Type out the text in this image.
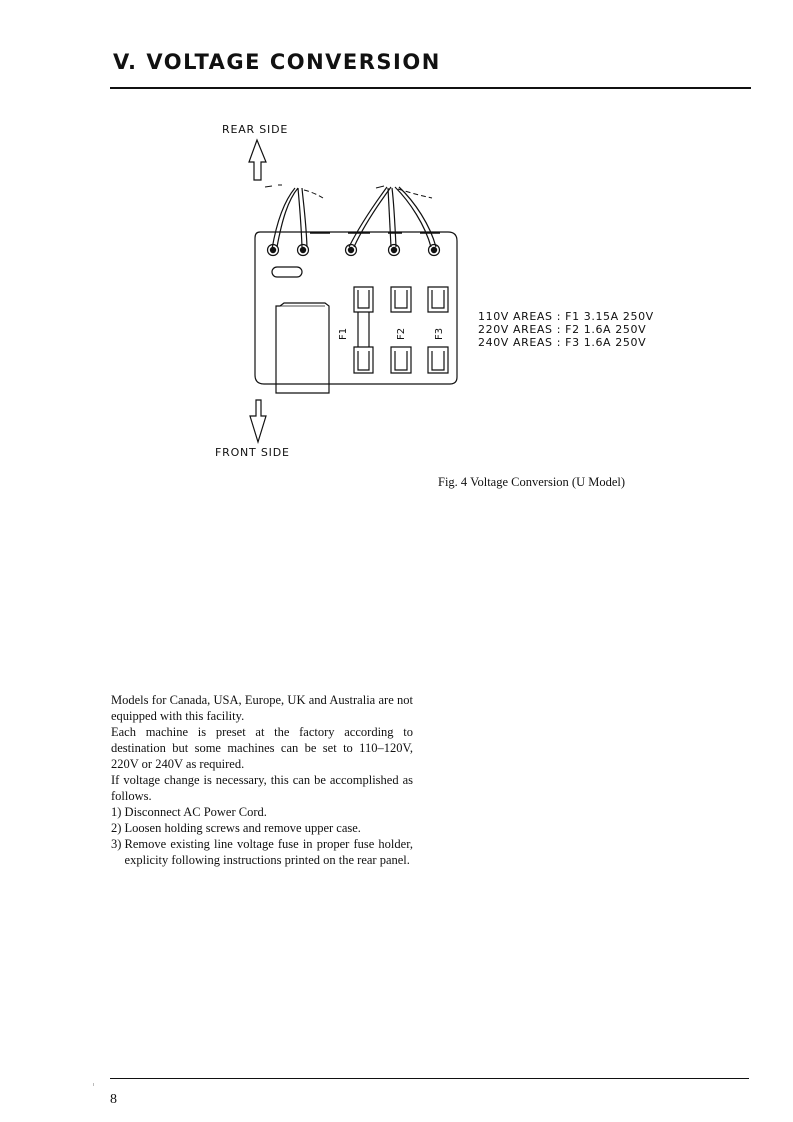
V. VOLTAGE CONVERSION
REAR SIDE
FRONT SIDE
F1	F2	F3
110V AREAS : F1 3.15A 250V
220V AREAS : F2 1.6A 250V
240V AREAS : F3 1.6A 250V
Fig. 4 Voltage Conversion (U Model)

Models for Canada, USA, Europe, UK and Australia are not equipped with this facility.

Each machine is preset at the factory according to destination but some machines can be set to 110–120V, 220V or 240V as required.

If voltage change is necessary, this can be accomplished as follows.

1) Disconnect AC Power Cord.
2) Loosen holding screws and remove upper case.
3) Remove existing line voltage fuse in proper fuse holder, explicity following instructions printed on the rear panel.
8
